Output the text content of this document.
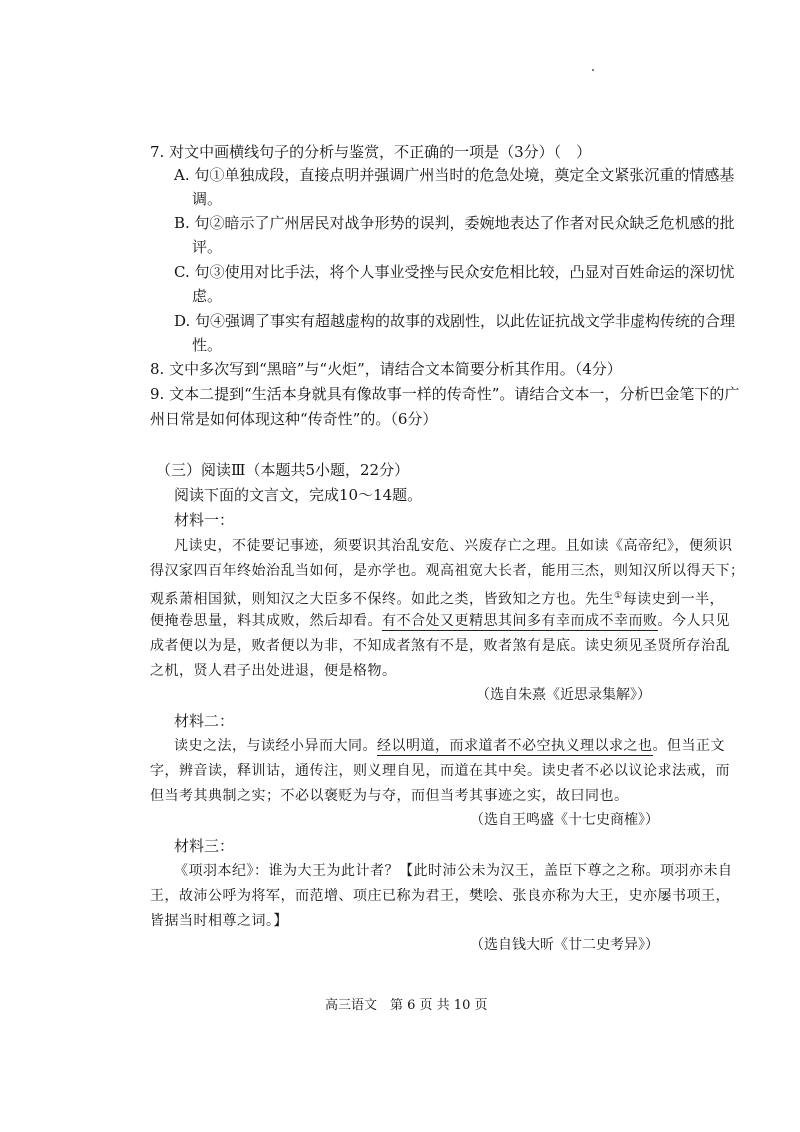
7. 对文中画横线句子的分析与鉴赏，不正确的一项是（3分）（　）
A. 句①单独成段，直接点明并强调广州当时的危急处境，奠定全文紧张沉重的情感基
调。
B. 句②暗示了广州居民对战争形势的误判，委婉地表达了作者对民众缺乏危机感的批
评。
C. 句③使用对比手法，将个人事业受挫与民众安危相比较，凸显对百姓命运的深切忧
虑。
D. 句④强调了事实有超越虚构的故事的戏剧性，以此佐证抗战文学非虚构传统的合理
性。
8. 文中多次写到“黑暗”与“火炬”，请结合文本简要分析其作用。（4分）
9. 文本二提到“生活本身就具有像故事一样的传奇性”。请结合文本一，分析巴金笔下的广
州日常是如何体现这种“传奇性”的。（6分）
（三）阅读Ⅲ（本题共5小题，22分）
阅读下面的文言文，完成10～14题。
材料一：
凡读史，不徒要记事迹，须要识其治乱安危、兴废存亡之理。且如读《高帝纪》，便须识
得汉家四百年终始治乱当如何，是亦学也。观高祖宽大长者，能用三杰，则知汉所以得天下；
观系萧相国狱，则知汉之大臣多不保终。如此之类，皆致知之方也。先生①每读史到一半，
便掩卷思量，料其成败，然后却看。有不合处又更精思其间多有幸而成不幸而败。今人只见
成者便以为是，败者便以为非，不知成者煞有不是，败者煞有是底。读史须见圣贤所存治乱
之机，贤人君子出处进退，便是格物。
（选自朱熹《近思录集解》）
材料二：
读史之法，与读经小异而大同。经以明道，而求道者不必空执义理以求之也。但当正文
字，辨音读，释训诂，通传注，则义理自见，而道在其中矣。读史者不必以议论求法戒，而
但当考其典制之实；不必以褒贬为与夺，而但当考其事迹之实，故曰同也。
（选自王鸣盛《十七史商榷》）
材料三：
《项羽本纪》：谁为大王为此计者？【此时沛公未为汉王，盖臣下尊之之称。项羽亦未自
王，故沛公呼为将军，而范增、项庄已称为君王，樊哙、张良亦称为大王，史亦屡书项王，
皆据当时相尊之词。】
（选自钱大昕《廿二史考异》）
高三语文　第 6 页 共 10 页
